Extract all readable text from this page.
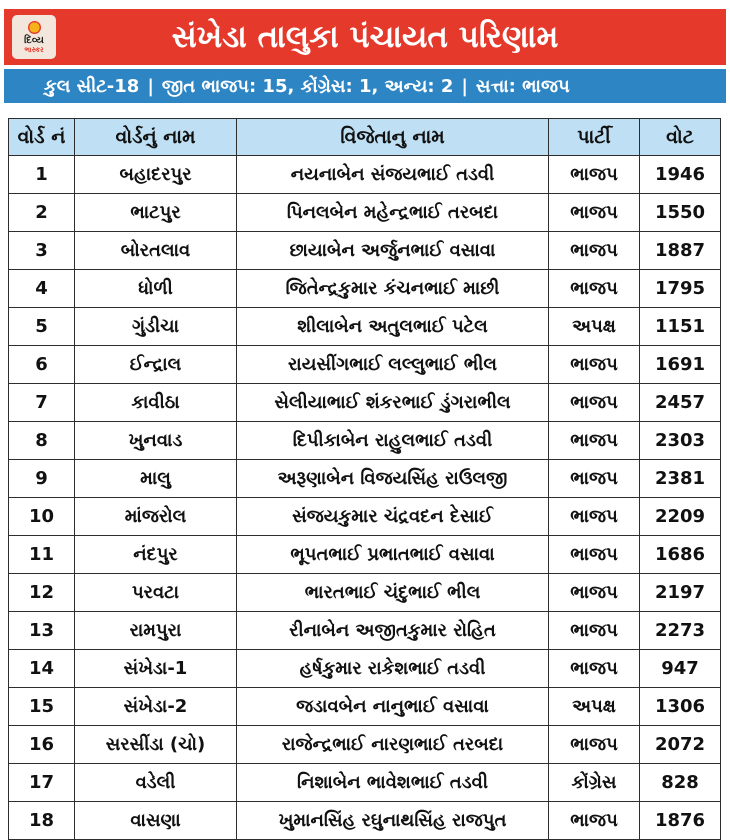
દિવ્ય
ભાસ્કર	સંખેડા તાલુકા પંચાયત પરિણામ
કુલ સીટ-18 | જીત ભાજપ: 15, કોંગ્રેસ: 1, અન્ય: 2 | સત્તા: ભાજપ
વોર્ડ નં	વોર્ડનું નામ	વિજેતાનુ નામ	પાર્ટી	વોટ
1	બહાદરપુર	નયનાબેન સંજયભાઈ તડવી	ભાજપ	1946
2	ભાટપુર	પિનલબેન મહેન્દ્રભાઈ તરબદા	ભાજપ	1550
3	બોરતલાવ	છાયાબેન અર્જુનભાઈ વસાવા	ભાજપ	1887
4	ધોળી	જિતેન્દ્રકુમાર કંચનભાઈ માછી	ભાજપ	1795
5	ગુંડીચા	શીલાબેન અતુલભાઈ પટેલ	અપક્ષ	1151
6	ઈન્દ્રાલ	રાયસીંગભાઈ લલ્લુભાઈ ભીલ	ભાજપ	1691
7	કાવીઠા	સેલીયાભાઈ શંકરભાઈ ડુંગરાભીલ	ભાજપ	2457
8	ખુનવાડ	દિપીકાબેન રાહુલભાઈ તડવી	ભાજપ	2303
9	માલુ	અરૂણાબેન વિજયસિંહ રાઉલજી	ભાજપ	2381
10	માંજરોલ	સંજયકુમાર ચંદ્રવદન દેસાઈ	ભાજપ	2209
11	નંદપુર	ભૂપતભાઈ પ્રભાતભાઈ વસાવા	ભાજપ	1686
12	પરવટા	ભારતભાઈ ચંદુભાઈ ભીલ	ભાજપ	2197
13	રામપુરા	રીનાબેન અજીતકુમાર રોહિત	ભાજપ	2273
14	સંખેડા-1	હર્ષકુમાર રાકેશભાઈ તડવી	ભાજપ	947
15	સંખેડા-2	જડાવબેન નાનુભાઈ વસાવા	અપક્ષ	1306
16	સરસીંડા (ચો)	રાજેન્દ્રભાઈ નારણભાઈ તરબદા	ભાજપ	2072
17	વડેલી	નિશાબેન ભાવેશભાઈ તડવી	કોંગ્રેસ	828
18	વાસણા	ખુમાનસિંહ રઘુનાથસિંહ રાજપુત	ભાજપ	1876
